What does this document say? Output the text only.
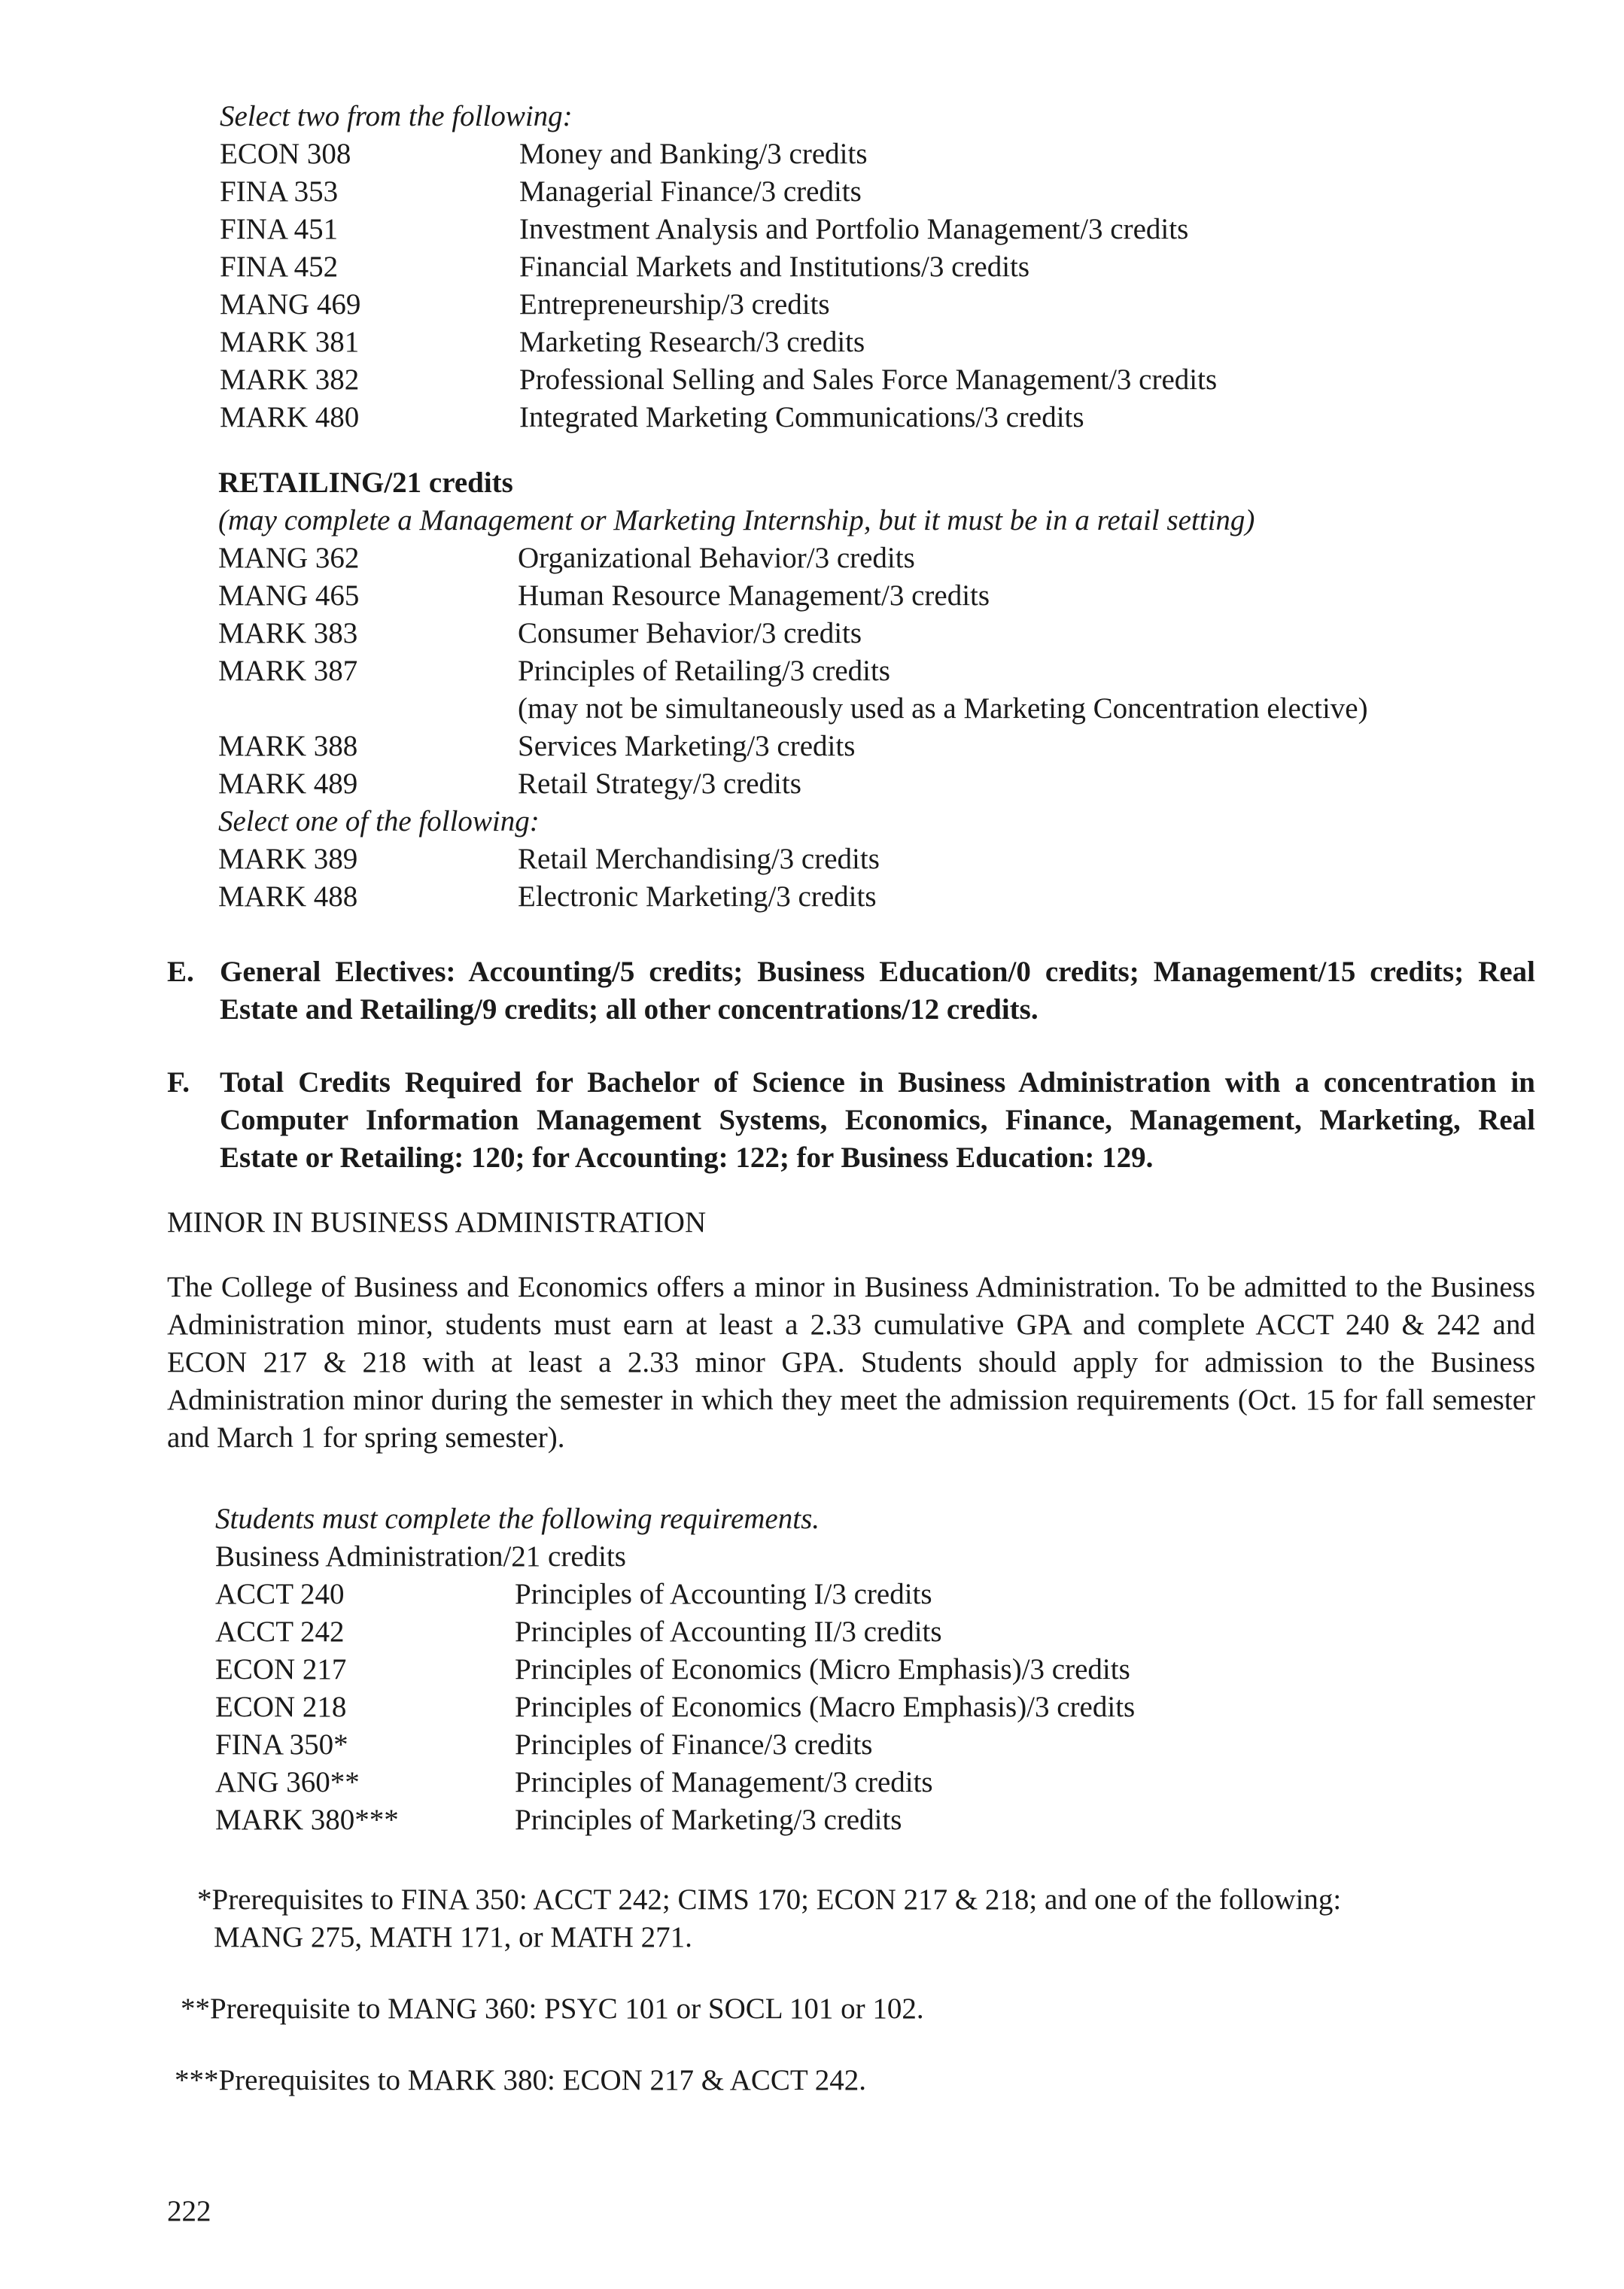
Select two from the following:
ECON 308	Money and Banking/3 credits
FINA 353	Managerial Finance/3 credits
FINA 451	Investment Analysis and Portfolio Management/3 credits
FINA 452	Financial Markets and Institutions/3 credits
MANG 469	Entrepreneurship/3 credits
MARK 381	Marketing Research/3 credits
MARK 382	Professional Selling and Sales Force Management/3 credits
MARK 480	Integrated Marketing Communications/3 credits
RETAILING/21 credits
(may complete a Management or Marketing Internship, but it must be in a retail setting)
MANG 362	Organizational Behavior/3 credits
MANG 465	Human Resource Management/3 credits
MARK 383	Consumer Behavior/3 credits
MARK 387	Principles of Retailing/3 credits
(may not be simultaneously used as a Marketing Concentration elective)
MARK 388	Services Marketing/3 credits
MARK 489	Retail Strategy/3 credits
Select one of the following:
MARK 389	Retail Merchandising/3 credits
MARK 488	Electronic Marketing/3 credits
E. General Electives: Accounting/5 credits; Business Education/0 credits; Management/15 credits; Real Estate and Retailing/9 credits; all other concentrations/12 credits.
F.	Total Credits Required for Bachelor of Science in Business Administration with a concentration in Computer Information Management Systems, Economics, Finance, Management, Marketing, Real Estate or Retailing: 120; for Accounting: 122; for Business Education: 129.
MINOR IN BUSINESS ADMINISTRATION
The College of Business and Economics offers a minor in Business Administration. To be admitted to the Business Administration minor, students must earn at least a 2.33 cumulative GPA and complete ACCT 240 & 242 and ECON 217 & 218 with at least a 2.33 minor GPA. Students should apply for admission to the Business Administration minor during the semester in which they meet the admission requirements (Oct. 15 for fall semester and March 1 for spring semester).
Students must complete the following requirements.
Business Administration/21 credits
ACCT 240	Principles of Accounting I/3 credits
ACCT 242	Principles of Accounting II/3 credits
ECON 217	Principles of Economics (Micro Emphasis)/3 credits
ECON 218	Principles of Economics (Macro Emphasis)/3 credits
FINA 350*	Principles of Finance/3 credits
ANG 360**	Principles of Management/3 credits
MARK 380***	Principles of Marketing/3 credits
*Prerequisites to FINA 350: ACCT 242; CIMS 170; ECON 217 & 218; and one of the following:
MANG 275, MATH 171, or MATH 271.
**Prerequisite to MANG 360: PSYC 101 or SOCL 101 or 102.
***Prerequisites to MARK 380: ECON 217 & ACCT 242.
222
